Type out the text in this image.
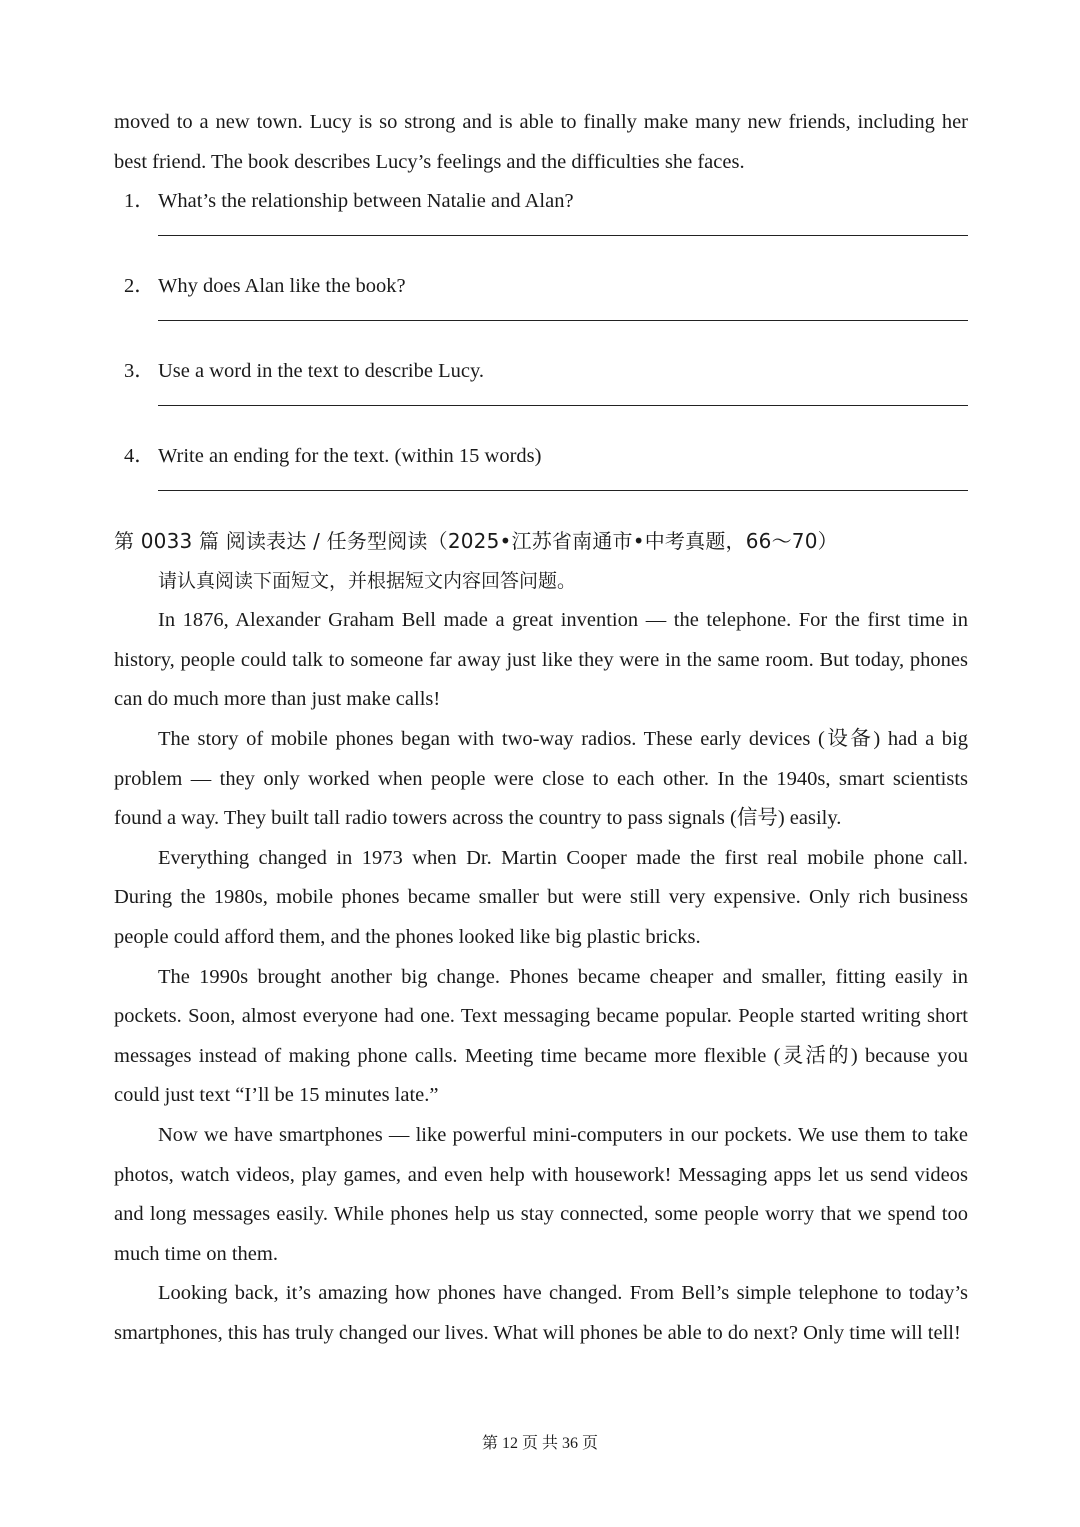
moved to a new town. Lucy is so strong and is able to finally make many new friends, including her best friend. The book describes Lucy’s feelings and the difficulties she faces.

1． What’s the relationship between Natalie and Alan?

2． Why does Alan like the book?

3． Use a word in the text to describe Lucy.

4． Write an ending for the text. (within 15 words)

第 0033 篇 阅读表达 / 任务型阅读（2025•江苏省南通市•中考真题，66～70）

请认真阅读下面短文，并根据短文内容回答问题。

In 1876, Alexander Graham Bell made a great invention — the telephone. For the first time in history, people could talk to someone far away just like they were in the same room. But today, phones can do much more than just make calls!

The story of mobile phones began with two-way radios. These early devices (设备) had a big problem — they only worked when people were close to each other. In the 1940s, smart scientists found a way. They built tall radio towers across the country to pass signals (信号) easily.

Everything changed in 1973 when Dr. Martin Cooper made the first real mobile phone call. During the 1980s, mobile phones became smaller but were still very expensive. Only rich business people could afford them, and the phones looked like big plastic bricks.

The 1990s brought another big change. Phones became cheaper and smaller, fitting easily in pockets. Soon, almost everyone had one. Text messaging became popular. People started writing short messages instead of making phone calls. Meeting time became more flexible (灵活的) because you could just text “I’ll be 15 minutes late.”

Now we have smartphones — like powerful mini-computers in our pockets. We use them to take photos, watch videos, play games, and even help with housework! Messaging apps let us send videos and long messages easily. While phones help us stay connected, some people worry that we spend too much time on them.

Looking back, it’s amazing how phones have changed. From Bell’s simple telephone to today’s smartphones, this has truly changed our lives. What will phones be able to do next? Only time will tell!

第 12 页 共 36 页
